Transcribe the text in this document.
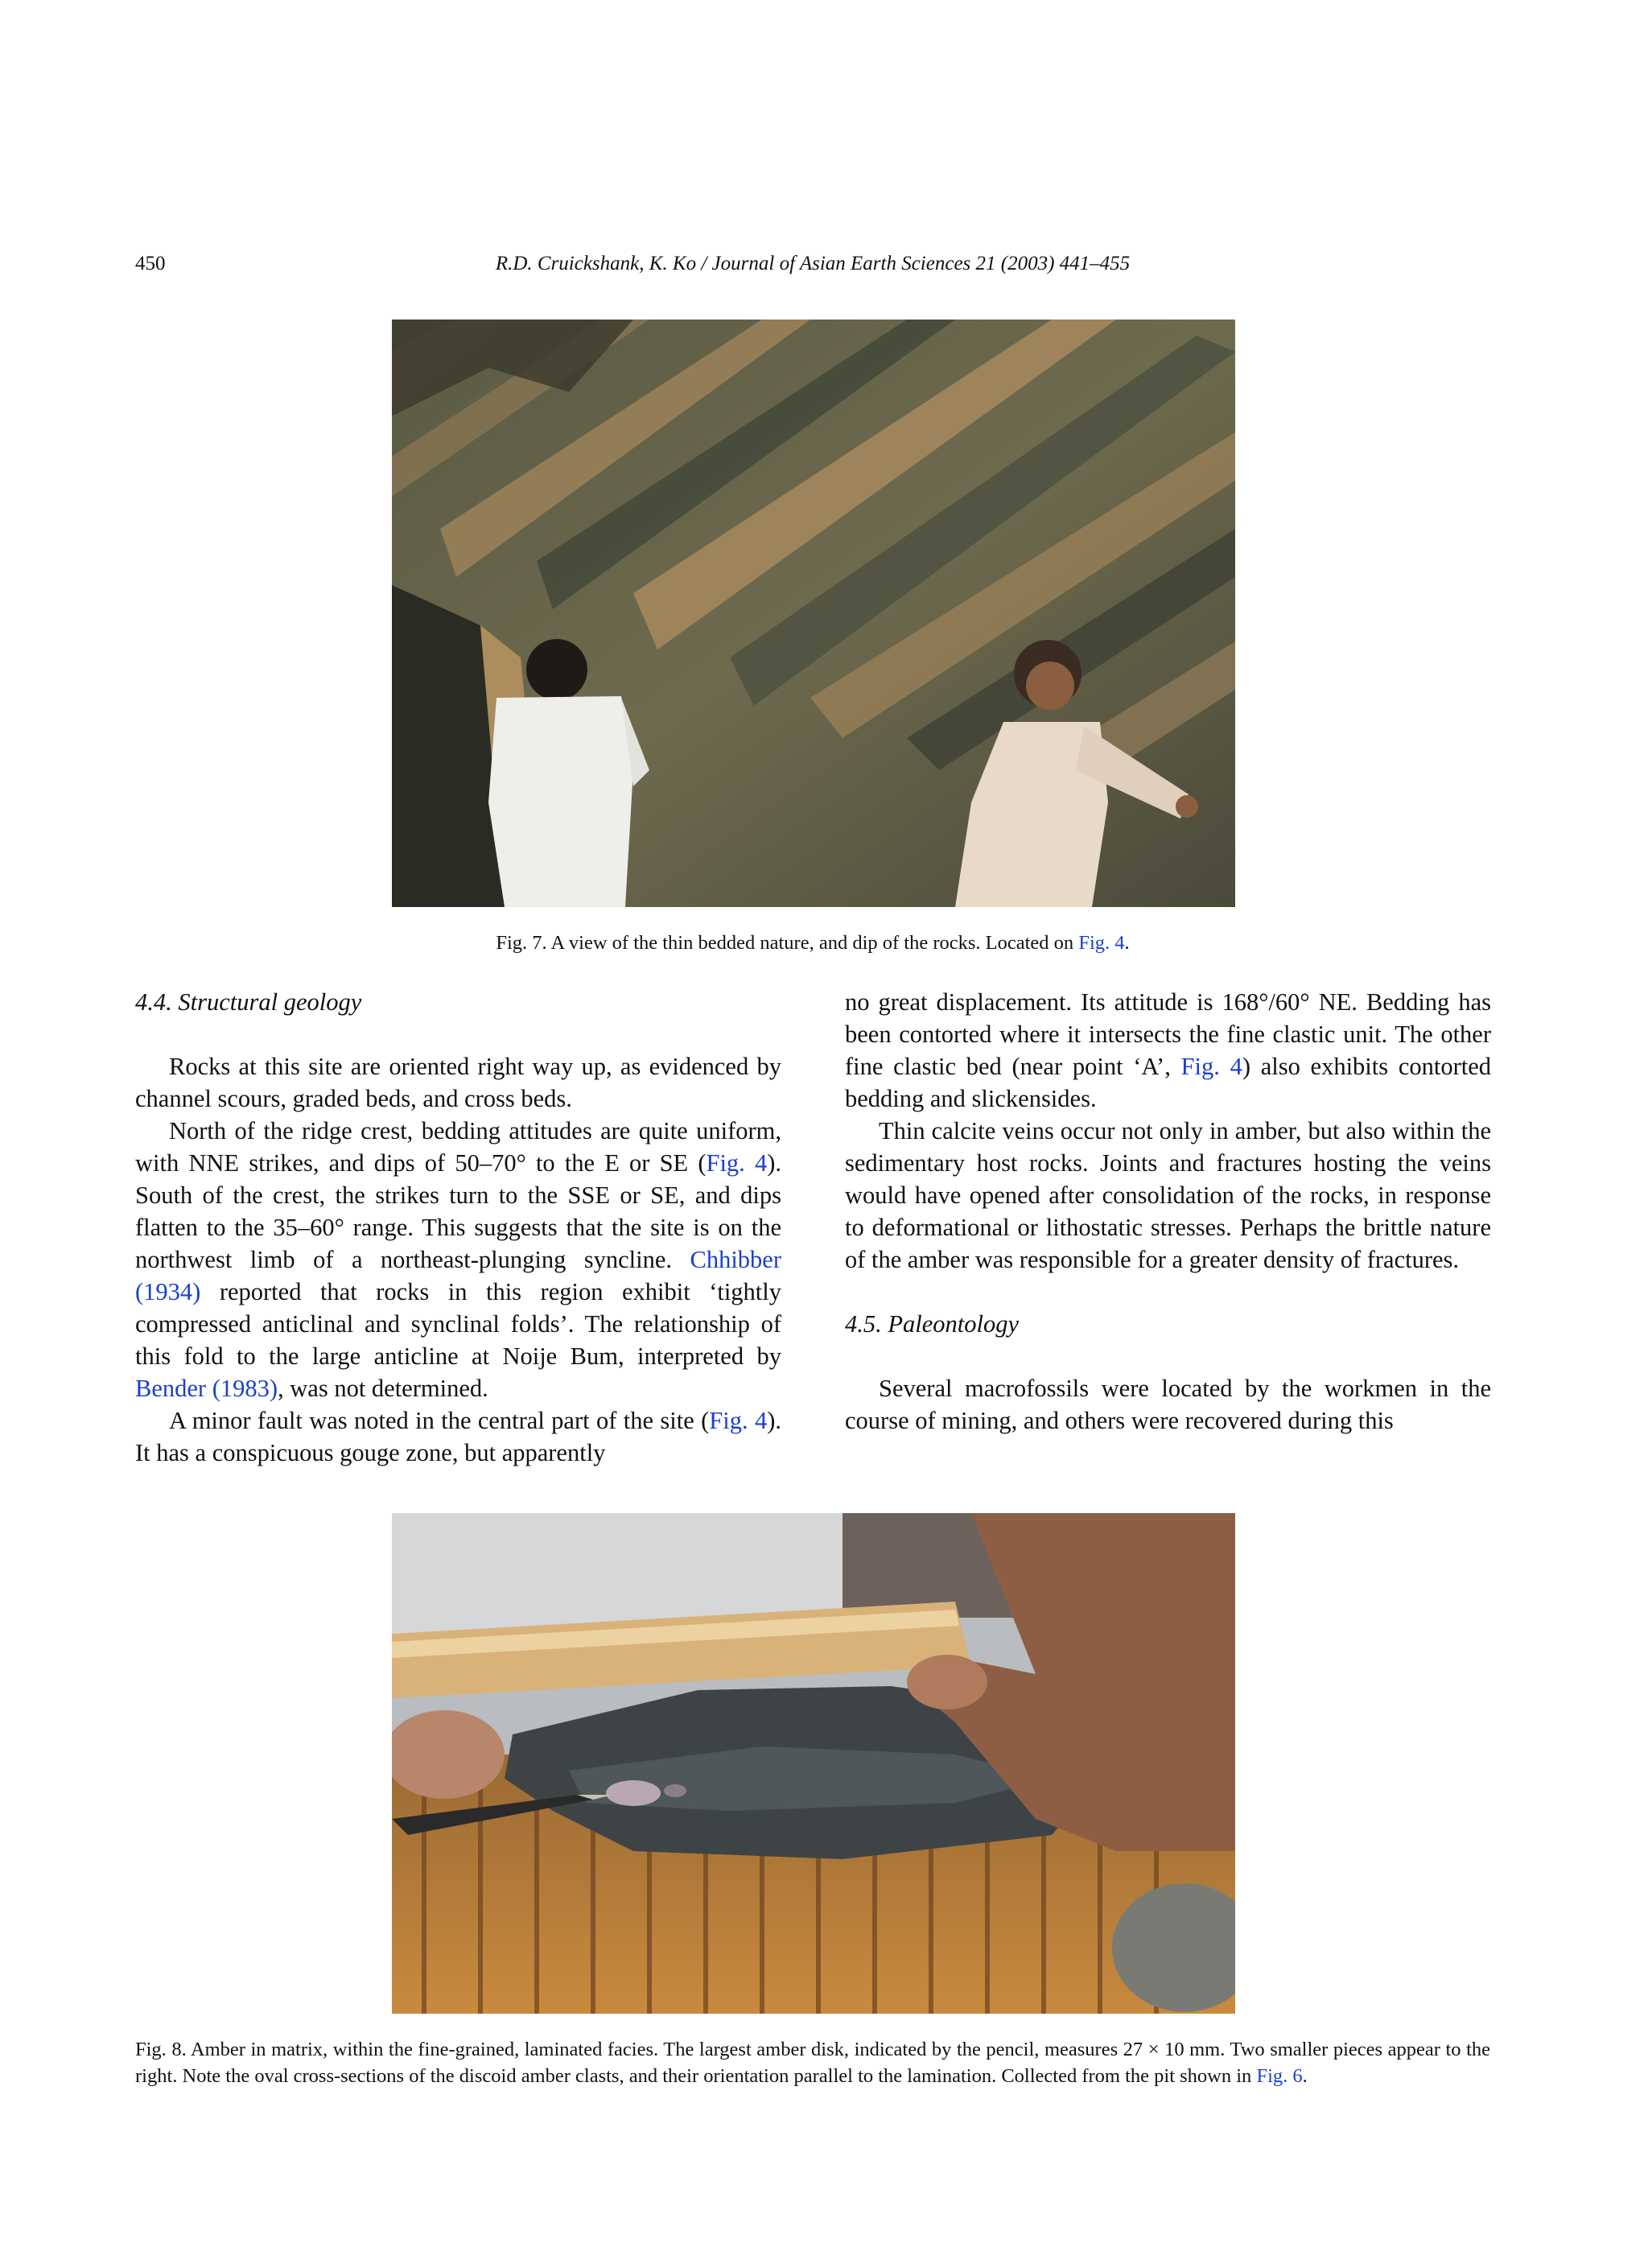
450	R.D. Cruickshank, K. Ko / Journal of Asian Earth Sciences 21 (2003) 441–455
Fig. 7. A view of the thin bedded nature, and dip of the rocks. Located on Fig. 4.
4.4. Structural geology

Rocks at this site are oriented right way up, as evidenced by channel scours, graded beds, and cross beds.

North of the ridge crest, bedding attitudes are quite uniform, with NNE strikes, and dips of 50–70° to the E or SE (Fig. 4). South of the crest, the strikes turn to the SSE or SE, and dips flatten to the 35–60° range. This suggests that the site is on the northwest limb of a northeast-plunging syncline. Chhibber (1934) reported that rocks in this region exhibit ‘tightly compressed anticlinal and synclinal folds’. The relationship of this fold to the large anticline at Noije Bum, interpreted by Bender (1983), was not determined.

A minor fault was noted in the central part of the site (Fig. 4). It has a conspicuous gouge zone, but apparently

no great displacement. Its attitude is 168°/60° NE. Bedding has been contorted where it intersects the fine clastic unit. The other fine clastic bed (near point ‘A’, Fig. 4) also exhibits contorted bedding and slickensides.

Thin calcite veins occur not only in amber, but also within the sedimentary host rocks. Joints and fractures hosting the veins would have opened after consolidation of the rocks, in response to deformational or lithostatic stresses. Perhaps the brittle nature of the amber was responsible for a greater density of fractures.

4.5. Paleontology

Several macrofossils were located by the workmen in the course of mining, and others were recovered during this

Fig. 8. Amber in matrix, within the fine-grained, laminated facies. The largest amber disk, indicated by the pencil, measures 27 × 10 mm. Two smaller pieces appear to the right. Note the oval cross-sections of the discoid amber clasts, and their orientation parallel to the lamination. Collected from the pit shown in Fig. 6.
